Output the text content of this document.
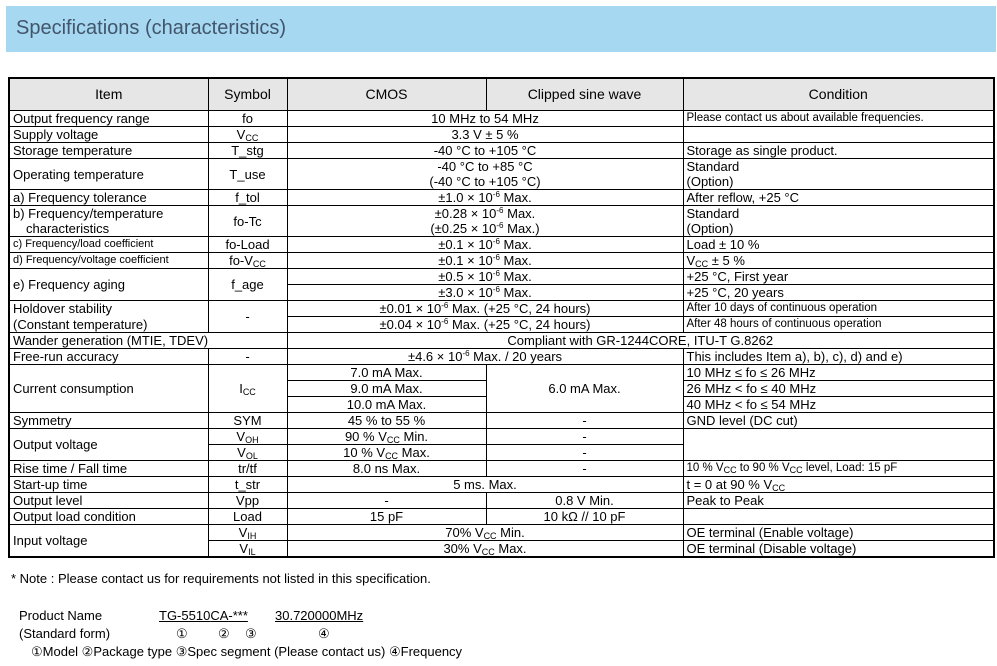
Specifications (characteristics)
Item	Symbol	CMOS	Clipped sine wave	Condition
Output frequency range	fo	10 MHz to 54 MHz		Please contact us about available frequencies.
Supply voltage	$V_{CC}$	3.3 V ± 5 %		
Storage temperature	T_stg	-40 °C to +105 °C		Storage as single product.
Operating temperature	T_use	-40 °C to +85 °C		Standard
		(-40 °C to +105 °C)		(Option)
a) Frequency tolerance	f_tol	$\pm 1.0 \times 10^{-6}$ Max.		After reflow, +25 °C
b) Frequency/temperature	fo-Tc	$\pm 0.28 \times 10^{-6}$ Max.		Standard
characteristics		($\pm 0.25 \times 10^{-6}$ Max.)		(Option)
c) Frequency/load coefficient	fo-Load	$\pm 0.1 \times 10^{-6}$ Max.		Load ± 10 %
d) Frequency/voltage coefficient	$fo-V_{CC}$	$\pm 0.1 \times 10^{-6}$ Max.		$V_{CC} \pm 5$ %
e) Frequency aging	f_age	$\pm 0.5 \times 10^{-6}$ Max.		+25 °C, First year
		$\pm 3.0 \times 10^{-6}$ Max.		+25 °C, 20 years
Holdover stability	-	$\pm 0.01 \times 10^{-6}$ Max. (+25 °C, 24 hours)		After 10 days of continuous operation
(Constant temperature)		$\pm 0.04 \times 10^{-6}$ Max. (+25 °C, 24 hours)		After 48 hours of continuous operation
Wander generation (MTIE, TDEV)		Compliant with GR-1244CORE, ITU-T G.8262		
Free-run accuracy	-	$\pm 4.6 \times 10^{-6}$ Max. / 20 years		This includes Item a), b), c), d) and e)
Current consumption	$I_{CC}$	7.0 mA Max.	6.0 mA Max.	10 MHz ≤ fo ≤ 26 MHz
		9.0 mA Max.		26 MHz < fo ≤ 40 MHz
		10.0 mA Max.		40 MHz < fo ≤ 54 MHz
Symmetry	SYM	45 % to 55 %	-	GND level (DC cut)
Output voltage	$V_{OH}$	90 % $V_{CC}$ Min.	-	
	$V_{OL}$	10 % $V_{CC}$ Max.	-	
Rise time / Fall time	tr/tf	8.0 ns Max.	-	10 % $V_{CC}$ to 90 % $V_{CC}$ level, Load: 15 pF
Start-up time	t_str	5 ms. Max.		t = 0 at 90 % $V_{CC}$
Output level	Vpp	-	0.8 V Min.	Peak to Peak
Output load condition	Load	15 pF	10 kΩ // 10 pF	
Input voltage	$V_{IH}$	70% $V_{CC}$ Min.		OE terminal (Enable voltage)
	$V_{IL}$	30% $V_{CC}$ Max.		OE terminal (Disable voltage)
* Note : Please contact us for requirements not listed in this specification.
Product Name
(Standard form)
TG-5510CA-*** 30.720000MHz
① ② ③	④
①Model ②Package type ③Spec segment (Please contact us) ④Frequency
